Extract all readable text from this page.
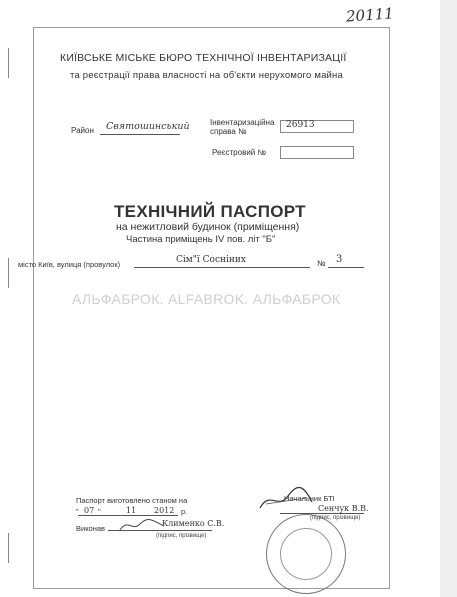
20111
КИЇВСЬКЕ МІСЬКЕ БЮРО ТЕХНІЧНОЇ ІНВЕНТАРИЗАЦІЇ
та реєстрації права власності на об'єкти нерухомого майна
Район Святошинський	Інвентаризаційна
справа №
26913
Реєстровий №
ТЕХНІЧНИЙ ПАСПОРТ
на нежитловий будинок (приміщення)
Частина приміщень IV пов. літ "Б"
місто Київ, вулиця (провулок)	Сім"ї Сосніних	№ 3
АЛЬФАБРОК. ALFABROK. АЛЬФАБРОК
Паспорт виготовлено станом на
" 07 "	11 2012 р.
Виконав
Клименко С.В.
(підпис, прізвище)
Начальник БТІ
Сенчук В.В.
(підпис, прізвище)
